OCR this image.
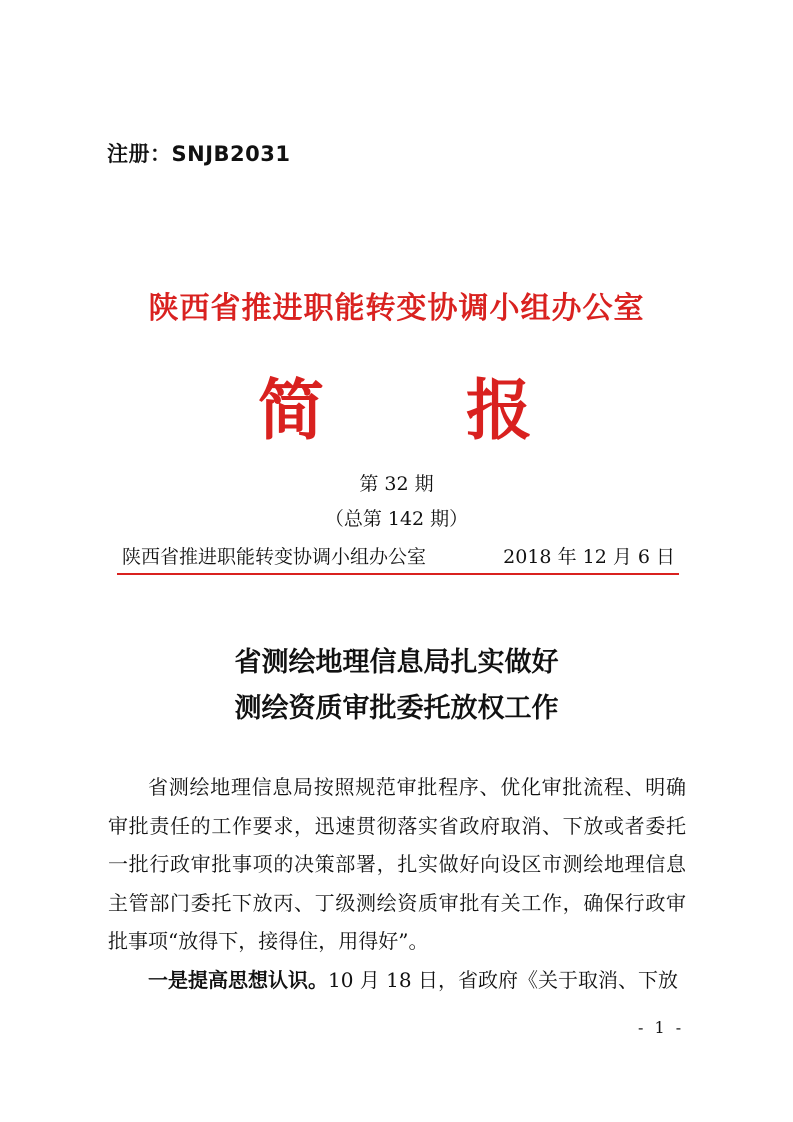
注册：SNJB2031
陕西省推进职能转变协调小组办公室
简 报
第 32 期
（总第 142 期）
陕西省推进职能转变协调小组办公室	2018 年 12 月 6 日
省测绘地理信息局扎实做好
测绘资质审批委托放权工作
省测绘地理信息局按照规范审批程序、优化审批流程、明确审批责任的工作要求，迅速贯彻落实省政府取消、下放或者委托一批行政审批事项的决策部署，扎实做好向设区市测绘地理信息主管部门委托下放丙、丁级测绘资质审批有关工作，确保行政审批事项“放得下，接得住，用得好”。
一是提高思想认识。10 月 18 日，省政府《关于取消、下放
- 1 -
